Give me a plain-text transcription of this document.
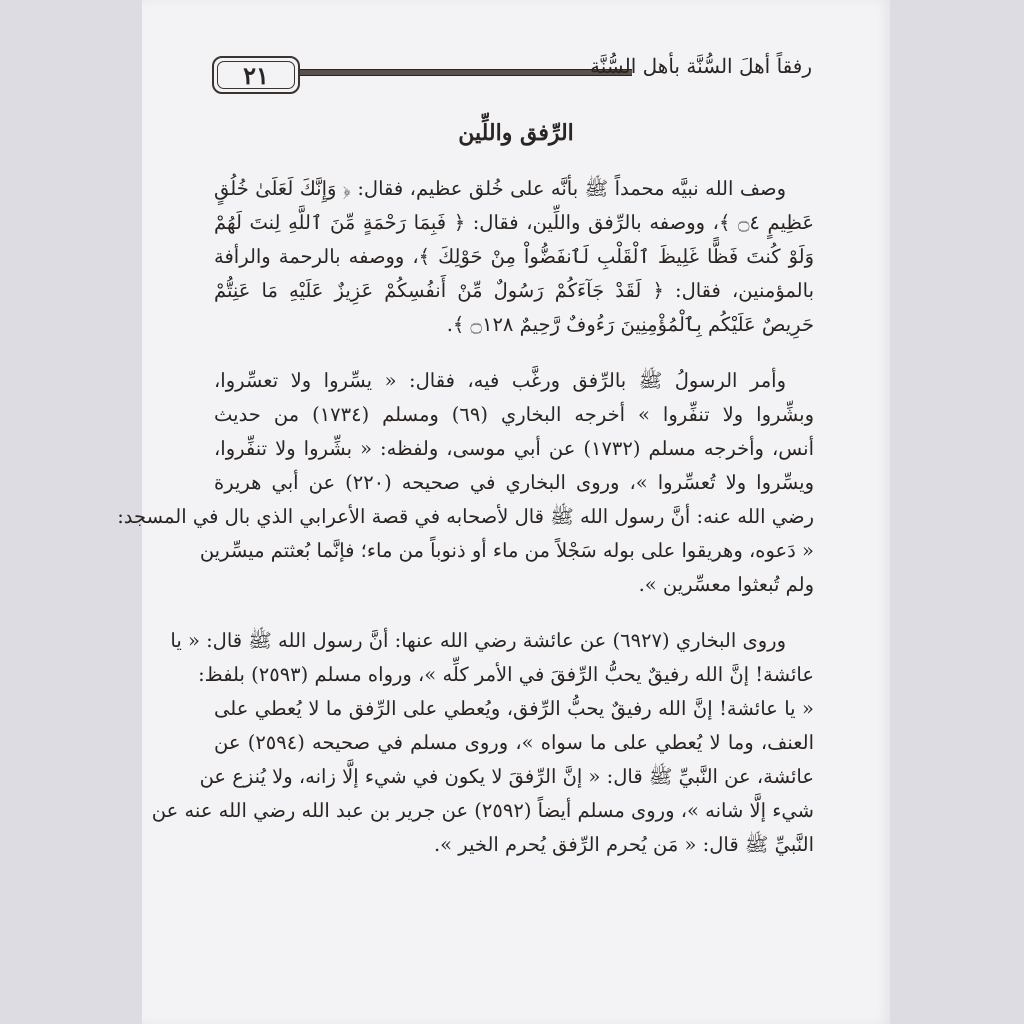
٢١	رفقاً أهلَ السُّنَّة بأهل السُّنَّة
الرِّفق واللِّين
وصف الله نبيَّه محمداً ﷺ بأنَّه على خُلق عظيم، فقال: ﴿ وَإِنَّكَ لَعَلَىٰ خُلُقٍ
عَظِيمٍ ۝٤ ﴾، ووصفه بالرِّفق واللِّين، فقال: ﴿ فَبِمَا رَحْمَةٍ مِّنَ ٱللَّهِ لِنتَ لَهُمْ
وَلَوْ كُنتَ فَظًّا غَلِيظَ ٱلْقَلْبِ لَٱنفَضُّواْ مِنْ حَوْلِكَ ﴾، ووصفه بالرحمة والرأفة
بالمؤمنين، فقال: ﴿ لَقَدْ جَآءَكُمْ رَسُولٌ مِّنْ أَنفُسِكُمْ عَزِيزٌ عَلَيْهِ مَا عَنِتُّمْ
حَرِيصٌ عَلَيْكُم بِٱلْمُؤْمِنِينَ رَءُوفٌ رَّحِيمٌ ۝١٢٨ ﴾.
وأمر الرسولُ ﷺ بالرِّفق ورغَّب فيه، فقال: « يسِّروا ولا تعسِّروا،
وبشِّروا ولا تنفِّروا » أخرجه البخاري (٦٩) ومسلم (١٧٣٤) من حديث
أنس، وأخرجه مسلم (١٧٣٢) عن أبي موسى، ولفظه: « بشِّروا ولا تنفِّروا،
ويسِّروا ولا تُعسِّروا »، وروى البخاري في صحيحه (٢٢٠) عن أبي هريرة
رضي الله عنه: أنَّ رسول الله ﷺ قال لأصحابه في قصة الأعرابي الذي بال في المسجد:
« دَعوه، وهريقوا على بوله سَجْلاً من ماء أو ذنوباً من ماء؛ فإنَّما بُعثتم ميسِّرين
ولم تُبعثوا معسِّرين ».
وروى البخاري (٦٩٢٧) عن عائشة رضي الله عنها: أنَّ رسول الله ﷺ قال: « يا
عائشة! إنَّ الله رفيقٌ يحبُّ الرِّفقَ في الأمر كلِّه »، ورواه مسلم (٢٥٩٣) بلفظ:
« يا عائشة! إنَّ الله رفيقٌ يحبُّ الرِّفق، ويُعطي على الرِّفق ما لا يُعطي على
العنف، وما لا يُعطي على ما سواه »، وروى مسلم في صحيحه (٢٥٩٤) عن
عائشة، عن النَّبيِّ ﷺ قال: « إنَّ الرِّفقَ لا يكون في شيء إلَّا زانه، ولا يُنزع عن
شيء إلَّا شانه »، وروى مسلم أيضاً (٢٥٩٢) عن جرير بن عبد الله رضي الله عنه عن
النَّبيِّ ﷺ قال: « مَن يُحرم الرِّفق يُحرم الخير ».
